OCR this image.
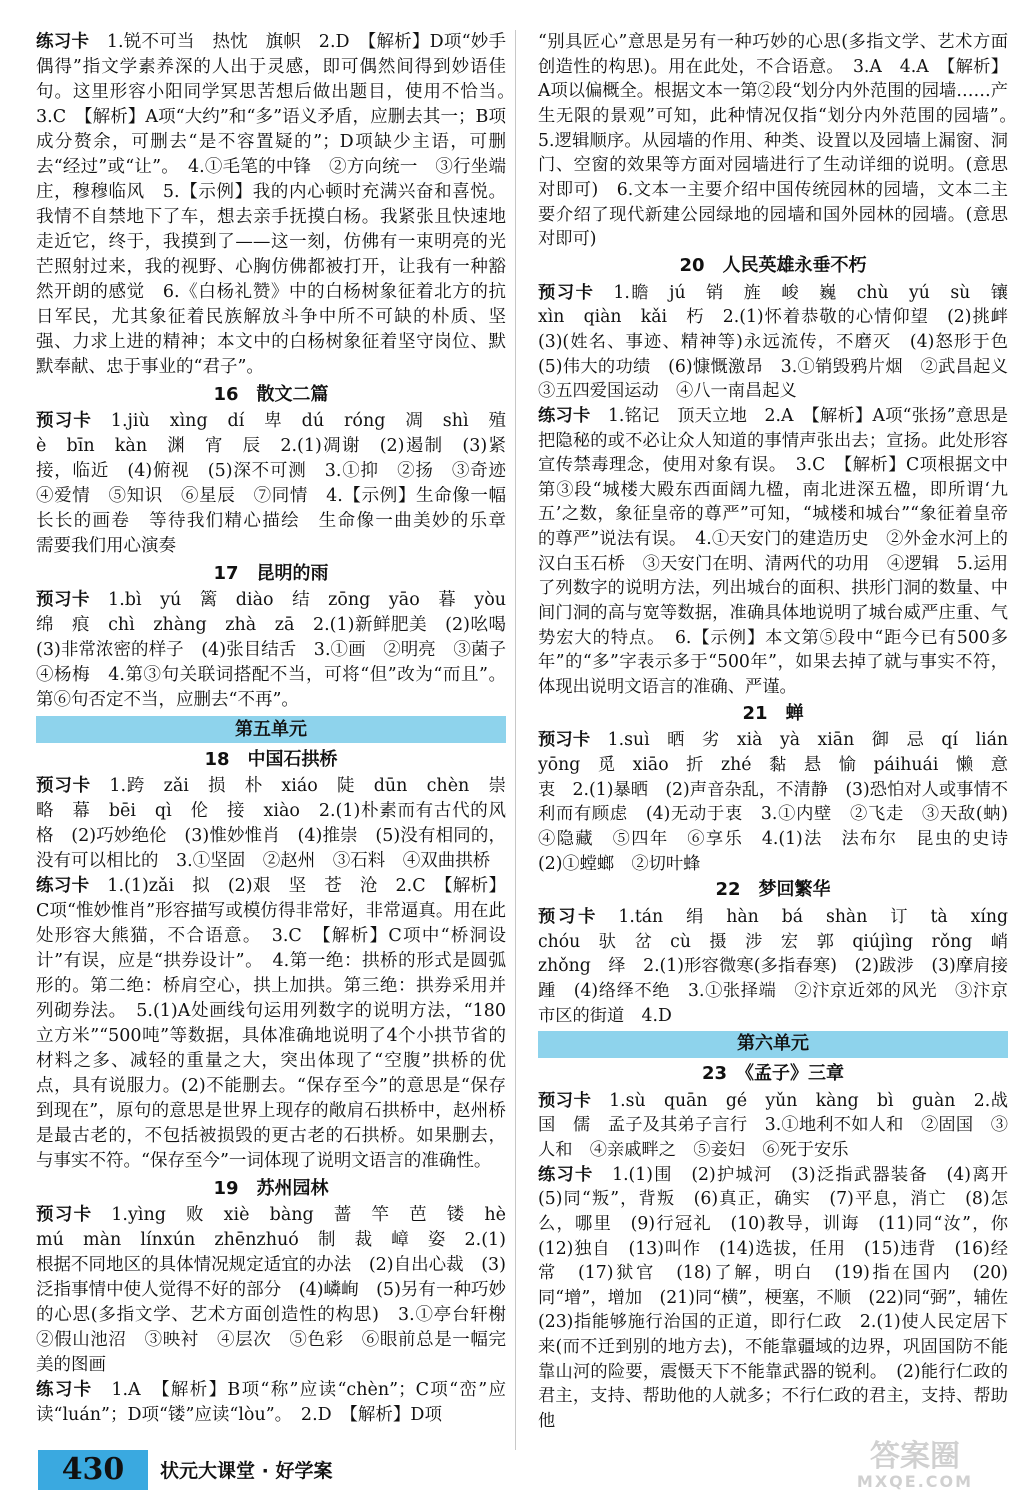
练习卡　1.锐不可当　热忱　旗帜　2.D　【解析】D项“妙手偶得”指文学素养深的人出于灵感，即可偶然间得到妙语佳句。这里形容小阳同学冥思苦想后做出题目，使用不恰当。　3.C　【解析】A项“大约”和“多”语义矛盾，应删去其一；B项成分赘余，可删去“是不容置疑的”；D项缺少主语，可删去“经过”或“让”。　4.①毛笔的中锋　②方向统一　③行坐端庄，穆穆临风　5.【示例】我的内心顿时充满兴奋和喜悦。我情不自禁地下了车，想去亲手抚摸白杨。我紧张且快速地走近它，终于，我摸到了——这一刻，仿佛有一束明亮的光芒照射过来，我的视野、心胸仿佛都被打开，让我有一种豁然开朗的感觉　6.《白杨礼赞》中的白杨树象征着北方的抗日军民，尤其象征着民族解放斗争中所不可缺的朴质、坚强、力求上进的精神；本文中的白杨树象征着坚守岗位、默默奉献、忠于事业的“君子”。

16　散文二篇

预习卡　1.jiù　xìng　dí　卑　dú　róng　凋　shì　殖　è　bīn　kàn　渊　宵　辰　2.(1)凋谢　(2)遏制　(3)紧接，临近　(4)俯视　(5)深不可测　3.①抑　②扬　③奇迹　④爱情　⑤知识　⑥星辰　⑦同情　4.【示例】生命像一幅长长的画卷　等待我们精心描绘　生命像一曲美妙的乐章　需要我们用心演奏

17　昆明的雨

预习卡　1.bì　yú　篱　diào　结　zōng　yāo　暮　yòu　绵　痕　chì　zhàng　zhà　zā　2.(1)新鲜肥美　(2)吆喝　(3)非常浓密的样子　(4)张目结舌　3.①画　②明亮　③菌子　④杨梅　4.第③句关联词搭配不当，可将“但”改为“而且”。第⑥句否定不当，应删去“不再”。

第五单元
18　中国石拱桥

预习卡　1.跨　zǎi　损　朴　xiáo　陡　dūn　chèn　崇　略　幕　bēi　qì　伦　接　xiào　2.(1)朴素而有古代的风格　(2)巧妙绝伦　(3)惟妙惟肖　(4)推崇　(5)没有相同的，没有可以相比的　3.①坚固　②赵州　③石料　④双曲拱桥

练习卡　1.(1)zǎi　拟　(2)艰　坚　苍　沧　2.C　【解析】C项“惟妙惟肖”形容描写或模仿得非常好，非常逼真。用在此处形容大熊猫，不合语意。　3.C　【解析】C项中“桥洞设计”有误，应是“拱券设计”。　4.第一绝：拱桥的形式是圆弧形的。第二绝：桥肩空心，拱上加拱。第三绝：拱券采用并列砌券法。　5.(1)A处画线句运用列数字的说明方法，“180立方米”“500吨”等数据，具体准确地说明了4个小拱节省的材料之多、减轻的重量之大，突出体现了“空腹”拱桥的优点，具有说服力。(2)不能删去。“保存至今”的意思是“保存到现在”，原句的意思是世界上现存的敞肩石拱桥中，赵州桥是最古老的，不包括被损毁的更古老的石拱桥。如果删去，与事实不符。“保存至今”一词体现了说明文语言的准确性。

19　苏州园林

预习卡　1.yìng　败　xiè　bàng　蔷　竿　芭　镂　hè　mú　màn　línxún　zhēnzhuó　制　裁　嶂　姿　2.(1)根据不同地区的具体情况规定适宜的办法　(2)自出心裁　(3)泛指事情中使人觉得不好的部分　(4)嶙峋　(5)另有一种巧妙的心思(多指文学、艺术方面创造性的构思)　3.①亭台轩榭　②假山池沼　③映衬　④层次　⑤色彩　⑥眼前总是一幅完美的图画

练习卡　1.A　【解析】B项“称”应读“chèn”；C项“峦”应读“luán”；D项“镂”应读“lòu”。　2.D　【解析】D项

“别具匠心”意思是另有一种巧妙的心思(多指文学、艺术方面创造性的构思)。用在此处，不合语意。　3.A　4.A　【解析】A项以偏概全。根据文本一第②段“划分内外范围的园墙……产生无限的景观”可知，此种情况仅指“划分内外范围的园墙”。　5.逻辑顺序。从园墙的作用、种类、设置以及园墙上漏窗、洞门、空窗的效果等方面对园墙进行了生动详细的说明。(意思对即可)　6.文本一主要介绍中国传统园林的园墙，文本二主要介绍了现代新建公园绿地的园墙和国外园林的园墙。(意思对即可)

20　人民英雄永垂不朽

预习卡　1.瞻　jú　销　旌　峻　巍　chù　yú　sù　镶　xìn　qiàn　kǎi　朽　2.(1)怀着恭敬的心情仰望　(2)挑衅　(3)(姓名、事迹、精神等)永远流传，不磨灭　(4)怒形于色　(5)伟大的功绩　(6)慷慨激昂　3.①销毁鸦片烟　②武昌起义　③五四爱国运动　④八一南昌起义

练习卡　1.铭记　顶天立地　2.A　【解析】A项“张扬”意思是把隐秘的或不必让众人知道的事情声张出去；宣扬。此处形容宣传禁毒理念，使用对象有误。　3.C　【解析】C项根据文中第③段“城楼大殿东西面阔九楹，南北进深五楹，即所谓‘九五’之数，象征皇帝的尊严”可知，“城楼和城台”“象征着皇帝的尊严”说法有误。　4.①天安门的建造历史　②外金水河上的汉白玉石桥　③天安门在明、清两代的功用　④逻辑　5.运用了列数字的说明方法，列出城台的面积、拱形门洞的数量、中间门洞的高与宽等数据，准确具体地说明了城台威严庄重、气势宏大的特点。　6.【示例】本文第⑤段中“距今已有500多年”的“多”字表示多于“500年”，如果去掉了就与事实不符，体现出说明文语言的准确、严谨。

21　蝉

预习卡　1.suì　晒　劣　xià　yà　xiān　御　忌　qí　lián　yōng　觅　xiāo　折　zhé　黏　悬　愉　páihuái　懒　意　衷　2.(1)暴晒　(2)声音杂乱，不清静　(3)恐怕对人或事情不利而有顾虑　(4)无动于衷　3.①内壁　②飞走　③天敌(蚋)　④隐藏　⑤四年　⑥享乐　4.(1)法　法布尔　昆虫的史诗　(2)①螳螂　②切叶蜂

22　梦回繁华

预习卡　1.tán　绢　hàn　bá　shàn　订　tà　xíng　chóu　驮　岔　cù　摄　涉　宏　郭　qiújìng　rǒng　峭　zhǒng　绎　2.(1)形容微寒(多指春寒)　(2)跋涉　(3)摩肩接踵　(4)络绎不绝　3.①张择端　②汴京近郊的风光　③汴京市区的街道　4.D

第六单元
23　《孟子》三章

预习卡　1.sù　quān　gé　yǔn　kàng　bì　guàn　2.战国　儒　孟子及其弟子言行　3.①地利不如人和　②固国　③人和　④亲戚畔之　⑤妾妇　⑥死于安乐

练习卡　1.(1)围　(2)护城河　(3)泛指武器装备　(4)离开　(5)同“叛”，背叛　(6)真正，确实　(7)平息，消亡　(8)怎么，哪里　(9)行冠礼　(10)教导，训诲　(11)同“汝”，你　(12)独自　(13)叫作　(14)选拔，任用　(15)违背　(16)经常　(17)狱官　(18)了解，明白　(19)指在国内　(20)同“增”，增加　(21)同“横”，梗塞，不顺　(22)同“弼”，辅佐　(23)指能够施行治国的正道，即行仁政　2.(1)使人民定居下来(而不迁到别的地方去)，不能靠疆域的边界，巩固国防不能靠山河的险要，震慑天下不能靠武器的锐利。　(2)能行仁政的君主，支持、帮助他的人就多；不行仁政的君主，支持、帮助他

430	状元大课堂 · 好学案	答案圈
MXQE.COM
